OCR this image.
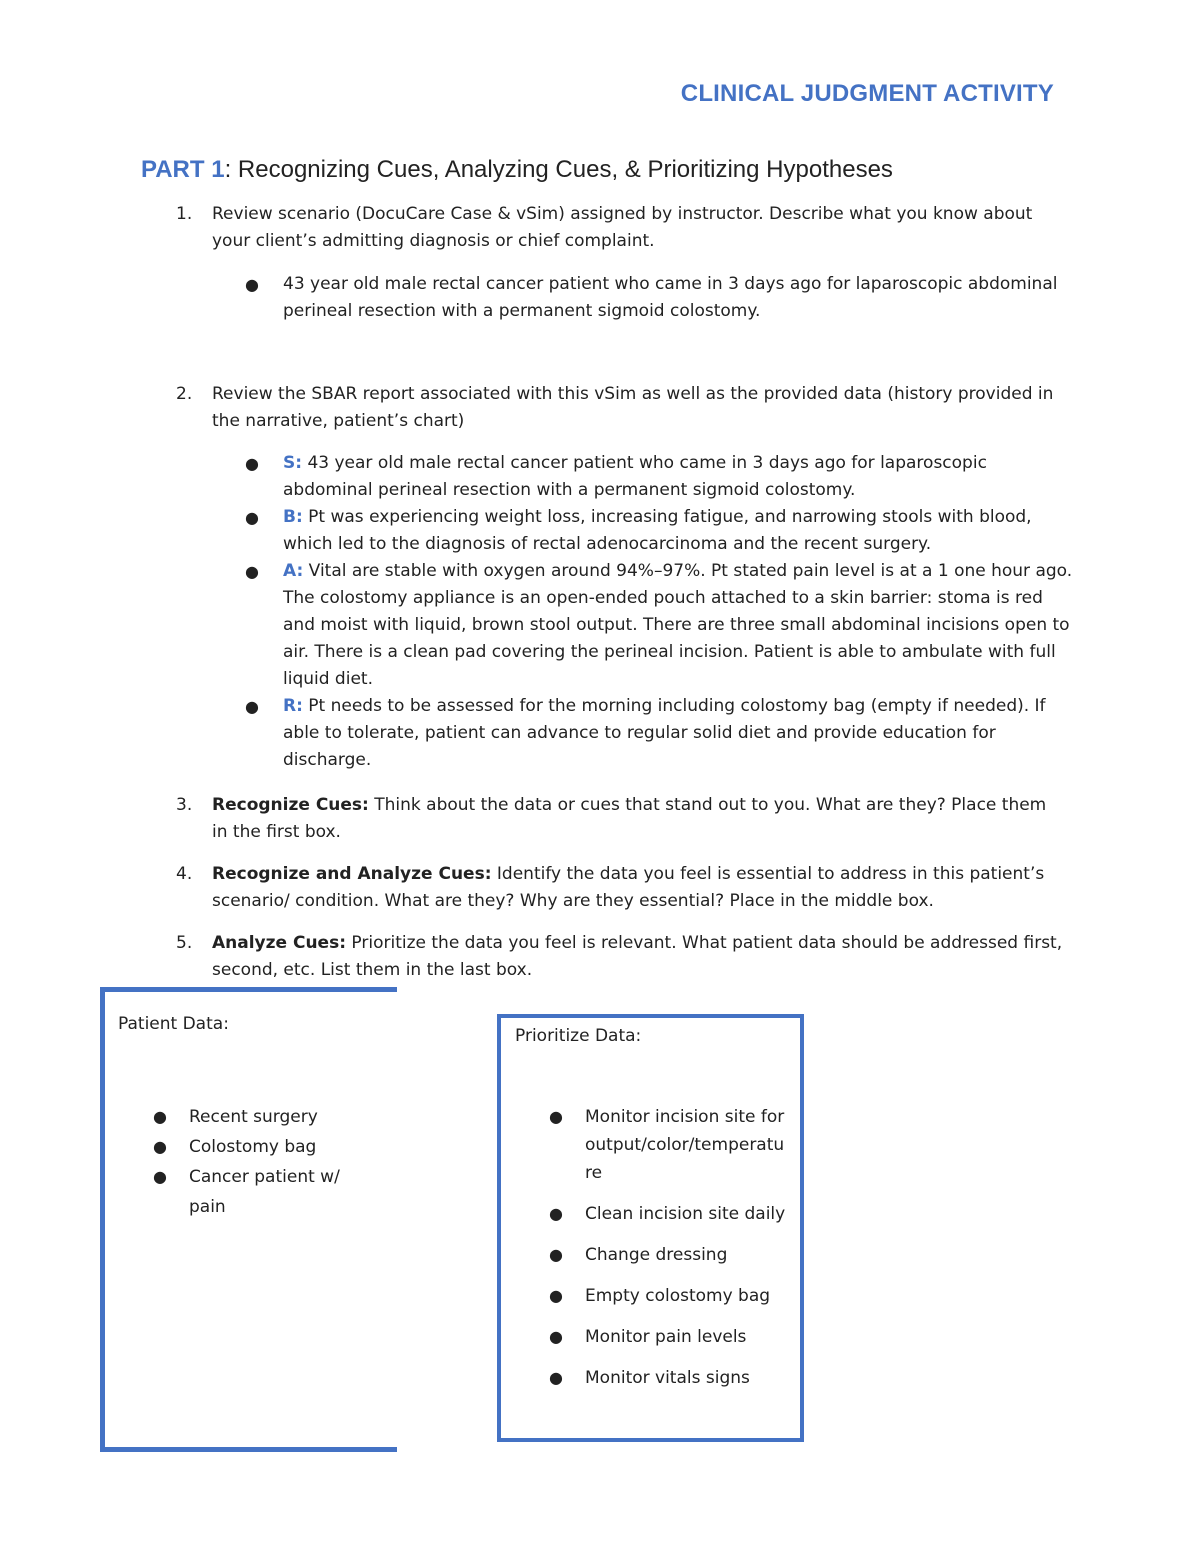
CLINICAL JUDGMENT ACTIVITY
PART 1: Recognizing Cues, Analyzing Cues, & Prioritizing Hypotheses
1.	Review scenario (DocuCare Case & vSim) assigned by instructor. Describe what you know about your client’s admitting diagnosis or chief complaint.
● 43 year old male rectal cancer patient who came in 3 days ago for laparoscopic abdominal perineal resection with a permanent sigmoid colostomy.
2.	Review the SBAR report associated with this vSim as well as the provided data (history provided in the narrative, patient’s chart)
● S: 43 year old male rectal cancer patient who came in 3 days ago for laparoscopic abdominal perineal resection with a permanent sigmoid colostomy.
● B: Pt was experiencing weight loss, increasing fatigue, and narrowing stools with blood, which led to the diagnosis of rectal adenocarcinoma and the recent surgery.
● A: Vital are stable with oxygen around 94%–97%. Pt stated pain level is at a 1 one hour ago. The colostomy appliance is an open-ended pouch attached to a skin barrier: stoma is red and moist with liquid, brown stool output. There are three small abdominal incisions open to air. There is a clean pad covering the perineal incision. Patient is able to ambulate with full liquid diet.
● R: Pt needs to be assessed for the morning including colostomy bag (empty if needed). If able to tolerate, patient can advance to regular solid diet and provide education for discharge.
3.	Recognize Cues: Think about the data or cues that stand out to you. What are they? Place them in the first box.
4.	Recognize and Analyze Cues: Identify the data you feel is essential to address in this patient’s scenario/ condition. What are they? Why are they essential? Place in the middle box.
5.	Analyze Cues: Prioritize the data you feel is relevant. What patient data should be addressed first, second, etc. List them in the last box.
Patient Data:
● Recent surgery
● Colostomy bag
● Cancer patient w/ pain
Prioritize Data:
● Monitor incision site for output/color/temperatu re
● Clean incision site daily
● Change dressing
● Empty colostomy bag
● Monitor pain levels
● Monitor vitals signs
